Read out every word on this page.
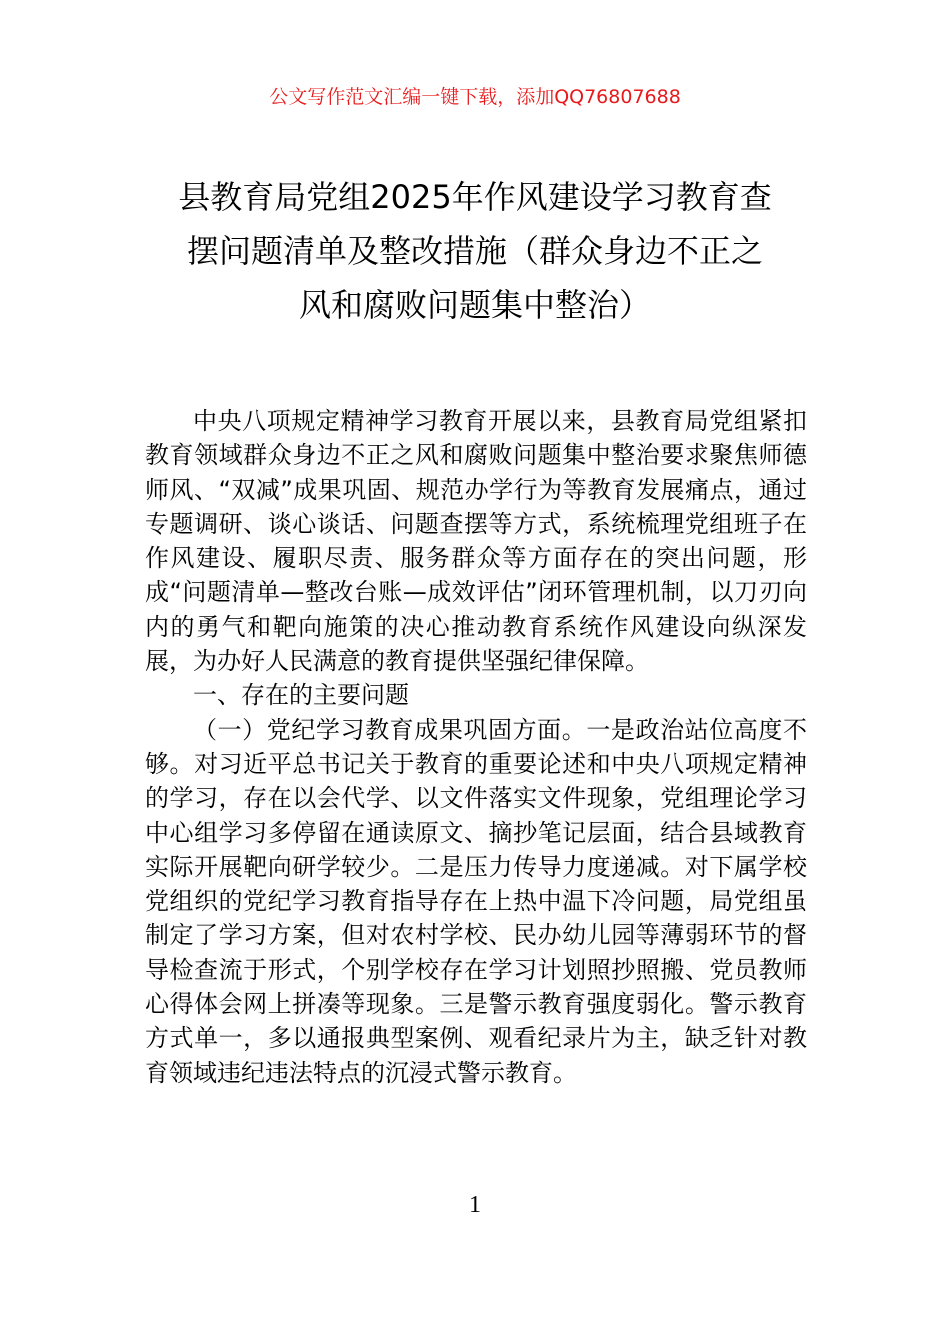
公文写作范文汇编一键下载，添加QQ76807688
县教育局党组2025年作风建设学习教育查
摆问题清单及整改措施（群众身边不正之
风和腐败问题集中整治）

中央八项规定精神学习教育开展以来，县教育局党组紧扣教育领域群众身边不正之风和腐败问题集中整治要求聚焦师德师风、“双减”成果巩固、规范办学行为等教育发展痛点，通过专题调研、谈心谈话、问题查摆等方式，系统梳理党组班子在作风建设、履职尽责、服务群众等方面存在的突出问题，形成“问题清单—整改台账—成效评估”闭环管理机制，以刀刃向内的勇气和靶向施策的决心推动教育系统作风建设向纵深发展，为办好人民满意的教育提供坚强纪律保障。

一、存在的主要问题

（一）党纪学习教育成果巩固方面。一是政治站位高度不够。对习近平总书记关于教育的重要论述和中央八项规定精神的学习，存在以会代学、以文件落实文件现象，党组理论学习中心组学习多停留在通读原文、摘抄笔记层面，结合县域教育实际开展靶向研学较少。二是压力传导力度递减。对下属学校党组织的党纪学习教育指导存在上热中温下冷问题，局党组虽制定了学习方案，但对农村学校、民办幼儿园等薄弱环节的督导检查流于形式，个别学校存在学习计划照抄照搬、党员教师心得体会网上拼凑等现象。三是警示教育强度弱化。警示教育方式单一，多以通报典型案例、观看纪录片为主，缺乏针对教育领域违纪违法特点的沉浸式警示教育。

1
